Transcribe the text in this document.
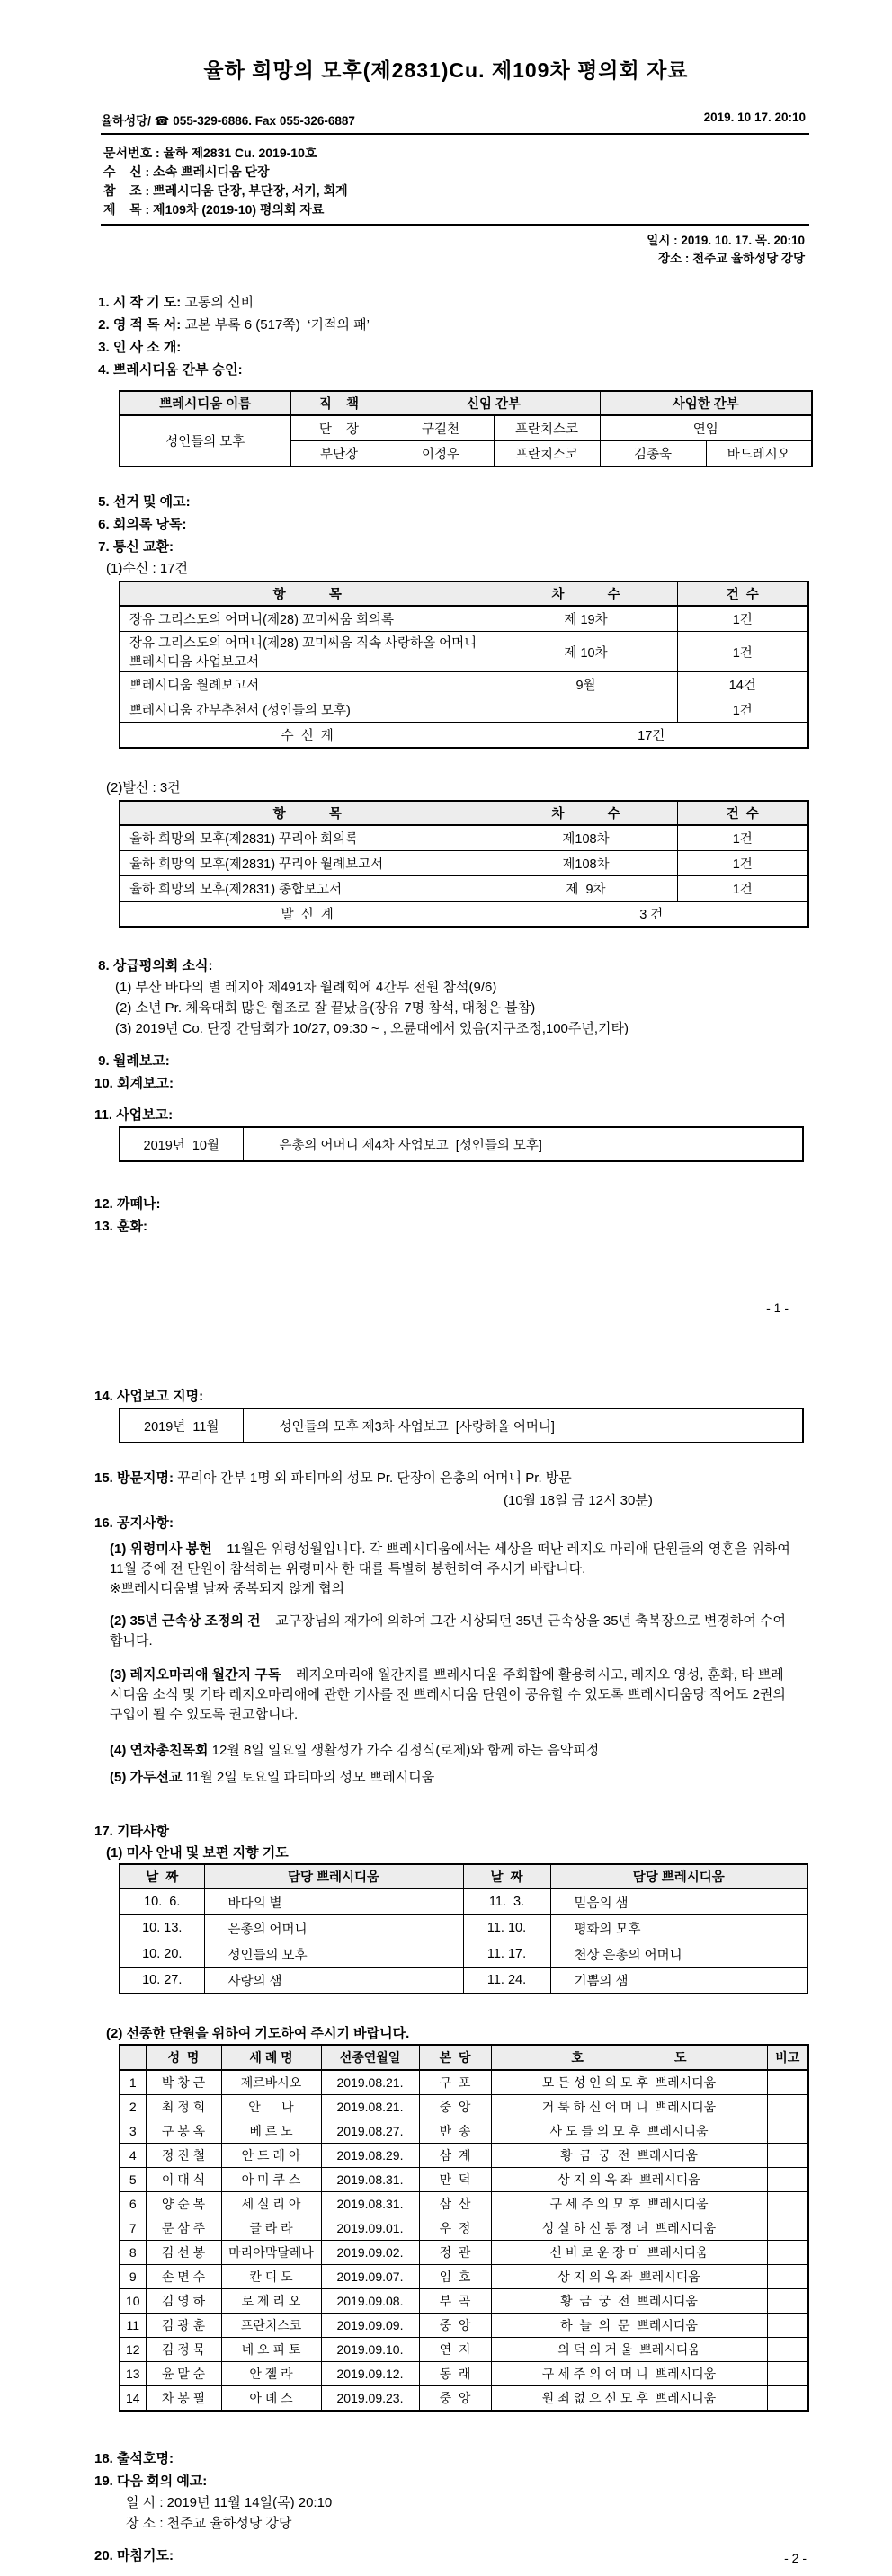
율하 희망의 모후(제2831)Cu. 제109차 평의회 자료
율하성당/ ☎ 055-329-6886. Fax 055-326-6887	2019. 10 17. 20:10
문서번호 : 율하 제2831 Cu. 2019-10호
수    신 : 소속 쁘레시디움 단장
참    조 : 쁘레시디움 단장, 부단장, 서기, 회계
제    목 : 제109차 (2019-10) 평의회 자료
일시 : 2019. 10. 17. 목. 20:10
장소 : 천주교 율하성당 강당
1. 시 작 기 도: 고통의 신비
2. 영 적 독 서: 교본 부록 6 (517쪽)  ‘기적의 패’
3. 인 사 소 개:
4. 쁘레시디움 간부 승인:
쁘레시디움 이름	직    책	신임 간부		사임한 간부	
성인들의 모후	단    장	구길천	프란치스코	연임	
	부단장	이정우	프란치스코	김종욱	바드레시오
5. 선거 및 예고:
6. 회의록 낭독:
7. 통신 교환:
(1)수신 : 17건
항            목	차            수	건  수
장유 그리스도의 어머니(제28) 꼬미씨움 회의록	제 19차	1건
장유 그리스도의 어머니(제28) 꼬미씨움 직속 사랑하올 어머니 쁘레시디움 사업보고서	제 10차	1건
쁘레시디움 월례보고서	9월	14건
쁘레시디움 간부추천서 (성인들의 모후)		1건
수  신  계	17건	
(2)발신 : 3건
항            목	차            수	건  수
율하 희망의 모후(제2831) 꾸리아 회의록	제108차	1건
율하 희망의 모후(제2831) 꾸리아 월례보고서	제108차	1건
율하 희망의 모후(제2831) 종합보고서	제  9차	1건
발  신  계	3 건	
8. 상급평의회 소식:
(1) 부산 바다의 별 레지아 제491차 월례회에 4간부 전원 참석(9/6)
(2) 소년 Pr. 체육대회 많은 협조로 잘 끝났음(장유 7명 참석, 대청은 불참)
(3) 2019년 Co. 단장 간담회가 10/27, 09:30 ~ , 오륜대에서 있음(지구조정,100주년,기타)
9. 월례보고:
10. 회계보고:
11. 사업보고:
2019년  10월	은총의 어머니 제4차 사업보고  [성인들의 모후]
12. 까떼나:
13. 훈화:
- 1 -
14. 사업보고 지명:
2019년  11월	성인들의 모후 제3차 사업보고  [사랑하올 어머니]
15. 방문지명: 꾸리아 간부 1명 외 파티마의 성모 Pr. 단장이 은총의 어머니 Pr. 방문
(10월 18일 금 12시 30분)
16. 공지사항:
(1) 위령미사 봉헌    11월은 위령성월입니다. 각 쁘레시디움에서는 세상을 떠난 레지오 마리애 단원들의 영혼을 위하여 11월 중에 전 단원이 참석하는 위령미사 한 대를 특별히 봉헌하여 주시기 바랍니다.
※쁘레시디움별 날짜 중복되지 않게 협의
(2) 35년 근속상 조정의 건    교구장님의 재가에 의하여 그간 시상되던 35년 근속상을 35년 축복장으로 변경하여 수여합니다.
(3) 레지오마리애 월간지 구독    레지오마리애 월간지를 쁘레시디움 주회합에 활용하시고, 레지오 영성, 훈화, 타 쁘레시디움 소식 및 기타 레지오마리애에 관한 기사를 전 쁘레시디움 단원이 공유할 수 있도록 쁘레시디움당 적어도 2권의 구입이 될 수 있도록 권고합니다.
(4) 연차총친목회 12월 8일 일요일 생활성가 가수 김정식(로제)와 함께 하는 음악피정
(5) 가두선교 11월 2일 토요일 파티마의 성모 쁘레시디움
17. 기타사항
(1) 미사 안내 및 보편 지향 기도
날  짜	담당 쁘레시디움	날  짜	담당 쁘레시디움
10.  6.	바다의 별	11.  3.	믿음의 샘
10. 13.	은총의 어머니	11. 10.	평화의 모후
10. 20.	성인들의 모후	11. 17.	천상 은총의 어머니
10. 27.	사랑의 샘	11. 24.	기쁨의 샘
(2) 선종한 단원을 위하여 기도하여 주시기 바랍니다.
	성  명	세 례 명	선종연월일	본  당	호                          도	비고
1	박 창 근	제르바시오	2019.08.21.	구  포	모 든 성 인 의 모 후  쁘레시디움	
2	최 정 희	안      나	2019.08.21.	중  앙	거 룩 하 신 어 머 니  쁘레시디움	
3	구 봉 옥	베 르 노	2019.08.27.	반  송	사 도 들 의 모 후  쁘레시디움	
4	정 진 철	안 드 레 아	2019.08.29.	삼  계	황  금  궁  전  쁘레시디움	
5	이 대 식	아 미 쿠 스	2019.08.31.	만  덕	상 지 의 옥 좌  쁘레시디움	
6	양 순 복	세 실 리 아	2019.08.31.	삼  산	구 세 주 의 모 후  쁘레시디움	
7	문 삼 주	글 라 라	2019.09.01.	우  정	성 실 하 신 동 정 녀  쁘레시디움	
8	김 선 봉	마리아막달레나	2019.09.02.	정  관	신 비 로 운 장 미  쁘레시디움	
9	손 면 수	칸 디 도	2019.09.07.	임  호	상 지 의 옥 좌  쁘레시디움	
10	김 영 하	로 제 리 오	2019.09.08.	부  곡	황  금  궁  전  쁘레시디움	
11	김 광 훈	프란치스코	2019.09.09.	중  앙	하  늘  의  문  쁘레시디움	
12	김 정 묵	네 오 피 토	2019.09.10.	연  지	의 덕 의 거 울  쁘레시디움	
13	윤 말 순	안 젤 라	2019.09.12.	동  래	구 세 주 의 어 머 니  쁘레시디움	
14	차 봉 필	아 녜 스	2019.09.23.	중  앙	원 죄 없 으 신 모 후  쁘레시디움	
18. 출석호명:
19. 다음 회의 예고:
일 시 : 2019년 11월 14일(목) 20:10
장 소 : 천주교 율하성당 강당
20. 마침기도:	- 2 -
